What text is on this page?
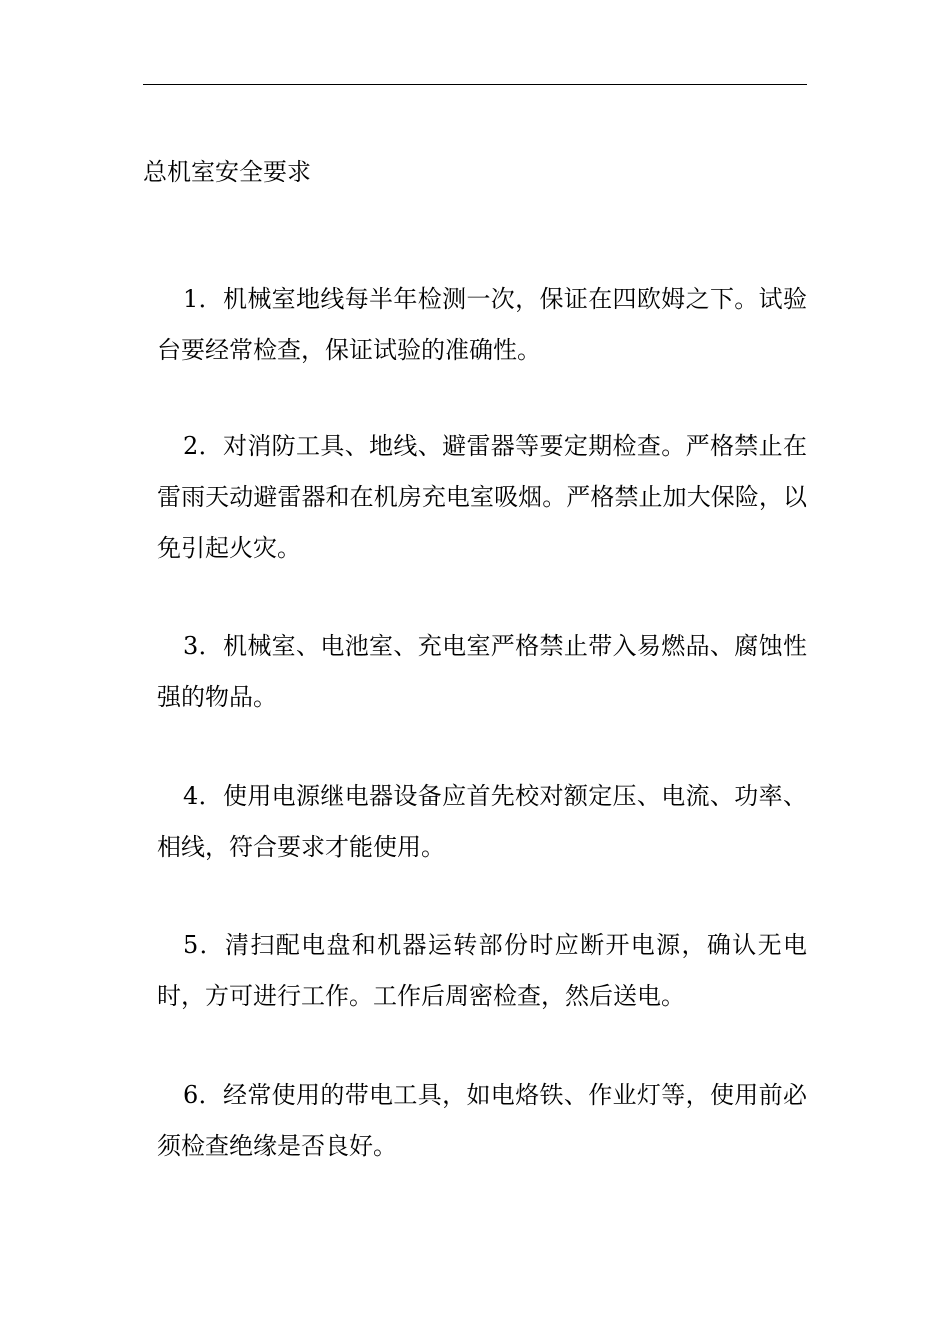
总机室安全要求

1．机械室地线每半年检测一次，保证在四欧姆之下。试验台要经常检查，保证试验的准确性。

2．对消防工具、地线、避雷器等要定期检查。严格禁止在雷雨天动避雷器和在机房充电室吸烟。严格禁止加大保险，以免引起火灾。

3．机械室、电池室、充电室严格禁止带入易燃品、腐蚀性强的物品。

4．使用电源继电器设备应首先校对额定压、电流、功率、相线，符合要求才能使用。

5．清扫配电盘和机器运转部份时应断开电源，确认无电时，方可进行工作。工作后周密检查，然后送电。

6．经常使用的带电工具，如电烙铁、作业灯等，使用前必须检查绝缘是否良好。
